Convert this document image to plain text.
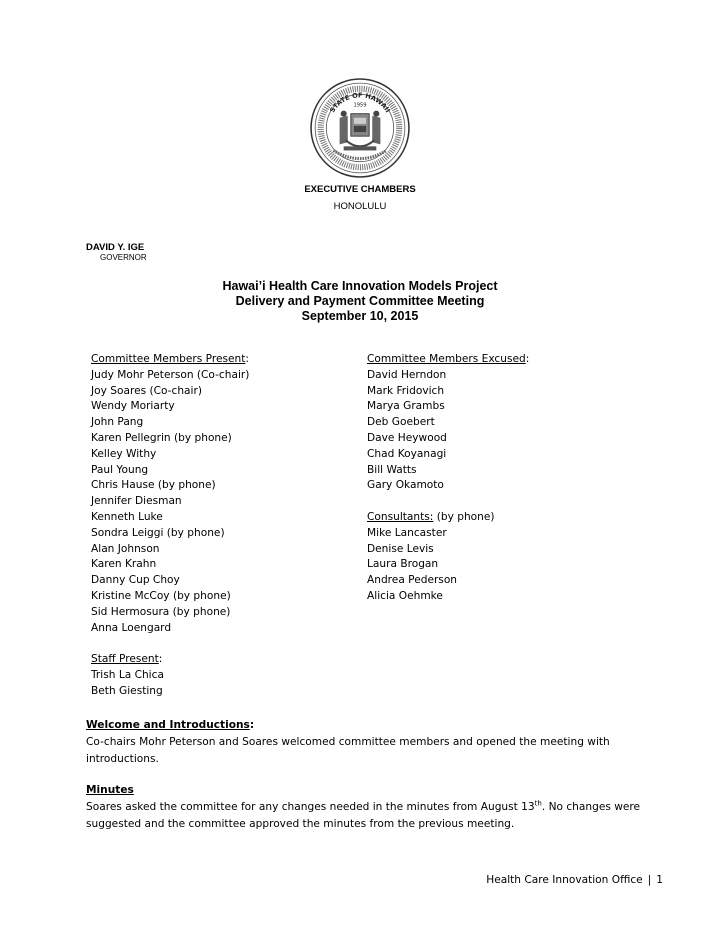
STATE OF HAWAII
1959
EXECUTIVE CHAMBERS
HONOLULU
DAVID Y. IGE
GOVERNOR
Hawai’i Health Care Innovation Models Project
Delivery and Payment Committee Meeting
September 10, 2015
Committee Members Present:
Judy Mohr Peterson (Co-chair)
Joy Soares (Co-chair)
Wendy Moriarty
John Pang
Karen Pellegrin (by phone)
Kelley Withy
Paul Young
Chris Hause (by phone)
Jennifer Diesman
Kenneth Luke
Sondra Leiggi (by phone)
Alan Johnson
Karen Krahn
Danny Cup Choy
Kristine McCoy (by phone)
Sid Hermosura (by phone)
Anna Loengard
Staff Present:
Trish La Chica
Beth Giesting
Committee Members Excused:
David Herndon
Mark Fridovich
Marya Grambs
Deb Goebert
Dave Heywood
Chad Koyanagi
Bill Watts
Gary Okamoto
Consultants: (by phone)
Mike Lancaster
Denise Levis
Laura Brogan
Andrea Pederson
Alicia Oehmke
Welcome and Introductions:
Co-chairs Mohr Peterson and Soares welcomed committee members and opened the meeting with introductions.
Minutes
Soares asked the committee for any changes needed in the minutes from August 13th. No changes were suggested and the committee approved the minutes from the previous meeting.
Health Care Innovation Office | 1
